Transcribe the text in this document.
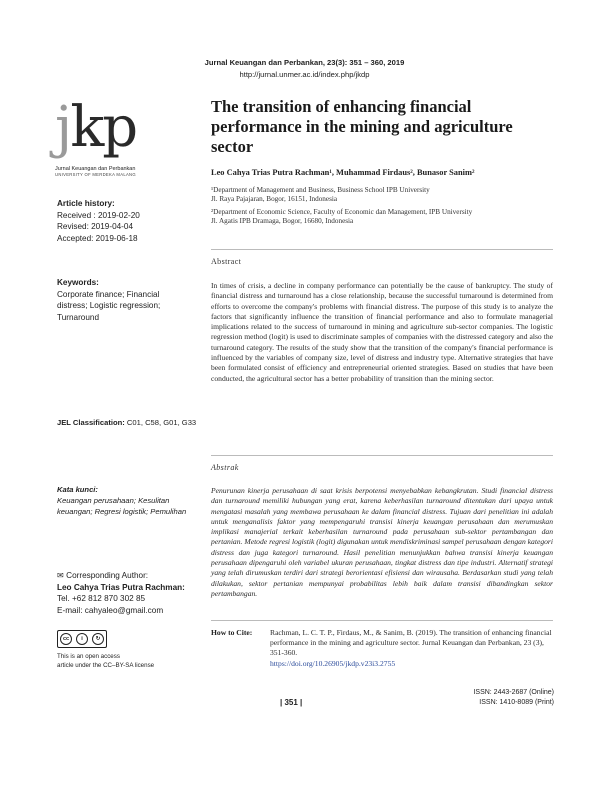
Jurnal Keuangan dan Perbankan, 23(3): 351 – 360, 2019
http://jurnal.unmer.ac.id/index.php/jkdp
jkp
Jurnal Keuangan dan Perbankan
UNIVERSITY OF MERDEKA MALANG
Article history:
Received : 2019-02-20
Revised: 2019-04-04
Accepted: 2019-06-18
Keywords:
Corporate finance; Financial distress; Logistic regression; Turnaround
JEL Classification: C01, C58, G01, G33
Kata kunci:
Keuangan perusahaan; Kesulitan keuangan; Regresi logistik; Pemulihan
✉ Corresponding Author:
Leo Cahya Trias Putra Rachman:
Tel. +62 812 870 302 85
E-mail: cahyaleo@gmail.com
cc	i	↻
This is an open access
article under the CC–BY-SA license
The transition of enhancing financial performance in the mining and agriculture sector
Leo Cahya Trias Putra Rachman¹, Muhammad Firdaus², Bunasor Sanim²
¹Department of Management and Business, Business School IPB University
Jl. Raya Pajajaran, Bogor, 16151, Indonesia
²Department of Economic Science, Faculty of Economic dan Management, IPB University
Jl. Agatis IPB Dramaga, Bogor, 16680, Indonesia
Abstract
In times of crisis, a decline in company performance can potentially be the cause of bankruptcy. The study of financial distress and turnaround has a close relationship, because the successful turnaround is determined from efforts to overcome the company's problems with financial distress. The purpose of this study is to analyze the factors that significantly influence the transition of financial performance and also to formulate managerial implications related to the success of turnaround in mining and agriculture sub-sector companies. The logistic regression method (logit) is used to discriminate samples of companies with the distressed category and also the turnaround category. The results of the study show that the transition of the company's financial performance is influenced by the variables of company size, level of distress and industry type. Alternative strategies that have been formulated consist of efficiency and entrepreneurial oriented strategies. Based on studies that have been conducted, the agricultural sector has a better probability of transition than the mining sector.
Abstrak
Penurunan kinerja perusahaan di saat krisis berpotensi menyebabkan kebangkrutan. Studi financial distress dan turnaround memiliki hubungan yang erat, karena keberhasilan turnaround ditentukan dari upaya untuk mengatasi masalah yang membawa perusahaan ke dalam financial distress. Tujuan dari penelitian ini adalah untuk menganalisis faktor yang mempengaruhi transisi kinerja keuangan perusahaan dan merumuskan implikasi manajerial terkait keberhasilan turnaround pada perusahaan sub-sektor pertambangan dan pertanian. Metode regresi logistik (logit) digunakan untuk mendiskriminasi sampel perusahaan dengan kategori distress dan juga kategori turnaround. Hasil penelitian menunjukkan bahwa transisi kinerja keuangan perusahaan dipengaruhi oleh variabel ukuran perusahaan, tingkat distress dan tipe industri. Alternatif strategi yang telah dirumuskan terdiri dari strategi berorientasi efisiensi dan wirausaha. Berdasarkan studi yang telah dilakukan, sektor pertanian mempunyai probabilitas lebih baik dalam transisi dibandingkan sektor pertambangan.
How to Cite: Rachman, L. C. T. P., Firdaus, M., & Sanim, B. (2019). The transition of enhancing financial performance in the mining and agriculture sector. Jurnal Keuangan dan Perbankan, 23 (3), 351-360.
https://doi.org/10.26905/jkdp.v23i3.2755
ISSN: 2443-2687 (Online)
ISSN: 1410-8089 (Print)
| 351 |
